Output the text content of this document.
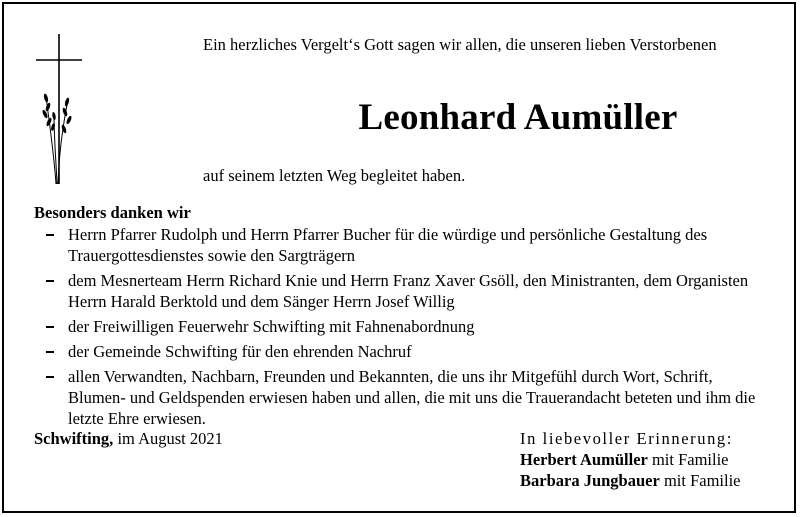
Ein herzliches Vergelt‘s Gott sagen wir allen, die unseren lieben Verstorbenen
Leonhard Aumüller
auf seinem letzten Weg begleitet haben.
Besonders danken wir
Herrn Pfarrer Rudolph und Herrn Pfarrer Bucher für die würdige und persönliche Gestaltung des Trauergottesdienstes sowie den Sargträgern
dem Mesnerteam Herrn Richard Knie und Herrn Franz Xaver Gsöll, den Ministranten, dem Organisten Herrn Harald Berktold und dem Sänger Herrn Josef Willig
der Freiwilligen Feuerwehr Schwifting mit Fahnenabordnung
der Gemeinde Schwifting für den ehrenden Nachruf
allen Verwandten, Nachbarn, Freunden und Bekannten, die uns ihr Mitgefühl durch Wort, Schrift, Blumen- und Geldspenden erwiesen haben und allen, die mit uns die Trauerandacht beteten und ihm die letzte Ehre erwiesen.
Schwifting, im August 2021	In liebevoller Erinnerung:
Herbert Aumüller mit Familie
Barbara Jungbauer mit Familie
